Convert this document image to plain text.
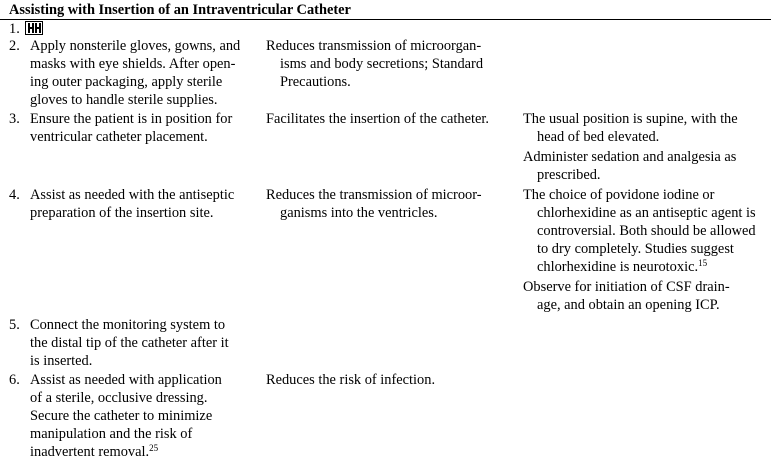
Assisting with Insertion of an Intraventricular Catheter
1.
2. Apply nonsterile gloves, gowns, and
masks with eye shields. After open-
ing outer packaging, apply sterile
gloves to handle sterile supplies.
Reduces transmission of microorgan-
isms and body secretions; Standard
Precautions.
3. Ensure the patient is in position for
ventricular catheter placement.
Facilitates the insertion of the catheter.	The usual position is supine, with the
head of bed elevated.
Administer sedation and analgesia as
prescribed.
4. Assist as needed with the antiseptic
preparation of the insertion site.
Reduces the transmission of microor-
ganisms into the ventricles.
The choice of povidone iodine or
chlorhexidine as an antiseptic agent is
controversial. Both should be allowed
to dry completely. Studies suggest
chlorhexidine is neurotoxic.$^{15}$
Observe for initiation of CSF drain-
age, and obtain an opening ICP.
5. Connect the monitoring system to
the distal tip of the catheter after it
is inserted.
6. Assist as needed with application
of a sterile, occlusive dressing.
Secure the catheter to minimize
manipulation and the risk of
inadvertent removal.$^{25}$
Reduces the risk of infection.
